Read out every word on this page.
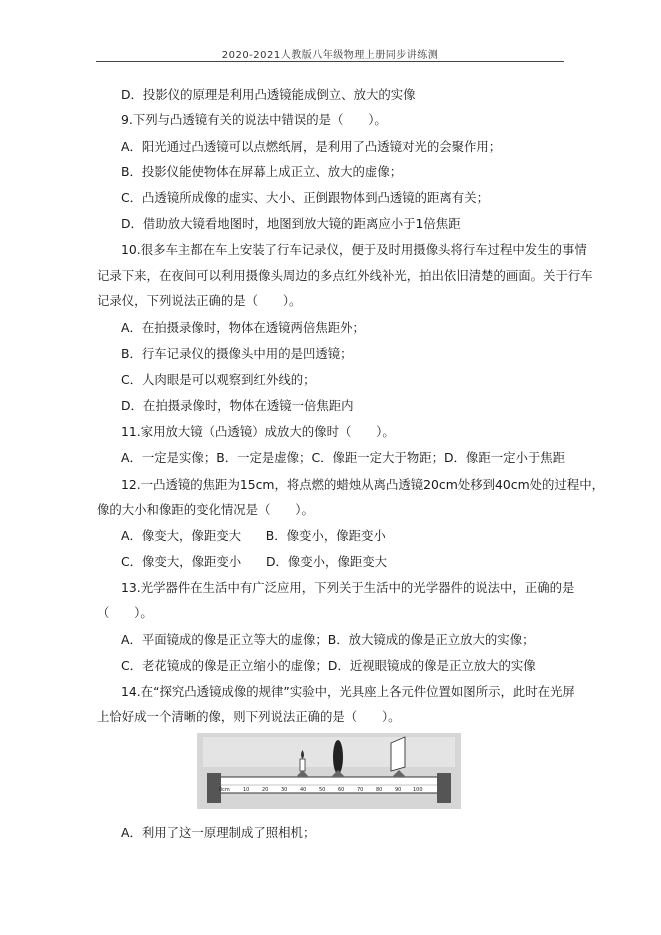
2020-2021人教版八年级物理上册同步讲练测
D．投影仪的原理是利用凸透镜能成倒立、放大的实像
9.下列与凸透镜有关的说法中错误的是（　　）。
A．阳光通过凸透镜可以点燃纸屑，是利用了凸透镜对光的会聚作用；
B．投影仪能使物体在屏幕上成正立、放大的虚像；
C．凸透镜所成像的虚实、大小、正倒跟物体到凸透镜的距离有关；
D．借助放大镜看地图时，地图到放大镜的距离应小于1倍焦距
10.很多车主都在车上安装了行车记录仪，便于及时用摄像头将行车过程中发生的事情
记录下来，在夜间可以利用摄像头周边的多点红外线补光，拍出依旧清楚的画面。关于行车
记录仪，下列说法正确的是（　　）。
A．在拍摄录像时，物体在透镜两倍焦距外；
B．行车记录仪的摄像头中用的是凹透镜；
C．人肉眼是可以观察到红外线的；
D．在拍摄录像时，物体在透镜一倍焦距内
11.家用放大镜（凸透镜）成放大的像时（　　）。
A．一定是实像；B．一定是虚像；C．像距一定大于物距；D．像距一定小于焦距
12.一凸透镜的焦距为15cm，将点燃的蜡烛从离凸透镜20cm处移到40cm处的过程中，
像的大小和像距的变化情况是（　　）。
A．像变大，像距变大　　B．像变小，像距变小
C．像变大，像距变小　　D．像变小，像距变大
13.光学器件在生活中有广泛应用，下列关于生活中的光学器件的说法中，正确的是
（　　）。
A．平面镜成的像是正立等大的虚像；B．放大镜成的像是正立放大的实像；
C．老花镜成的像是正立缩小的虚像；D．近视眼镜成的像是正立放大的实像
14.在“探究凸透镜成像的规律”实验中，光具座上各元件位置如图所示，此时在光屏
上恰好成一个清晰的像，则下列说法正确的是（　　）。
0cm	10	20	30	40	50	60	70	80	90 100
A．利用了这一原理制成了照相机；
